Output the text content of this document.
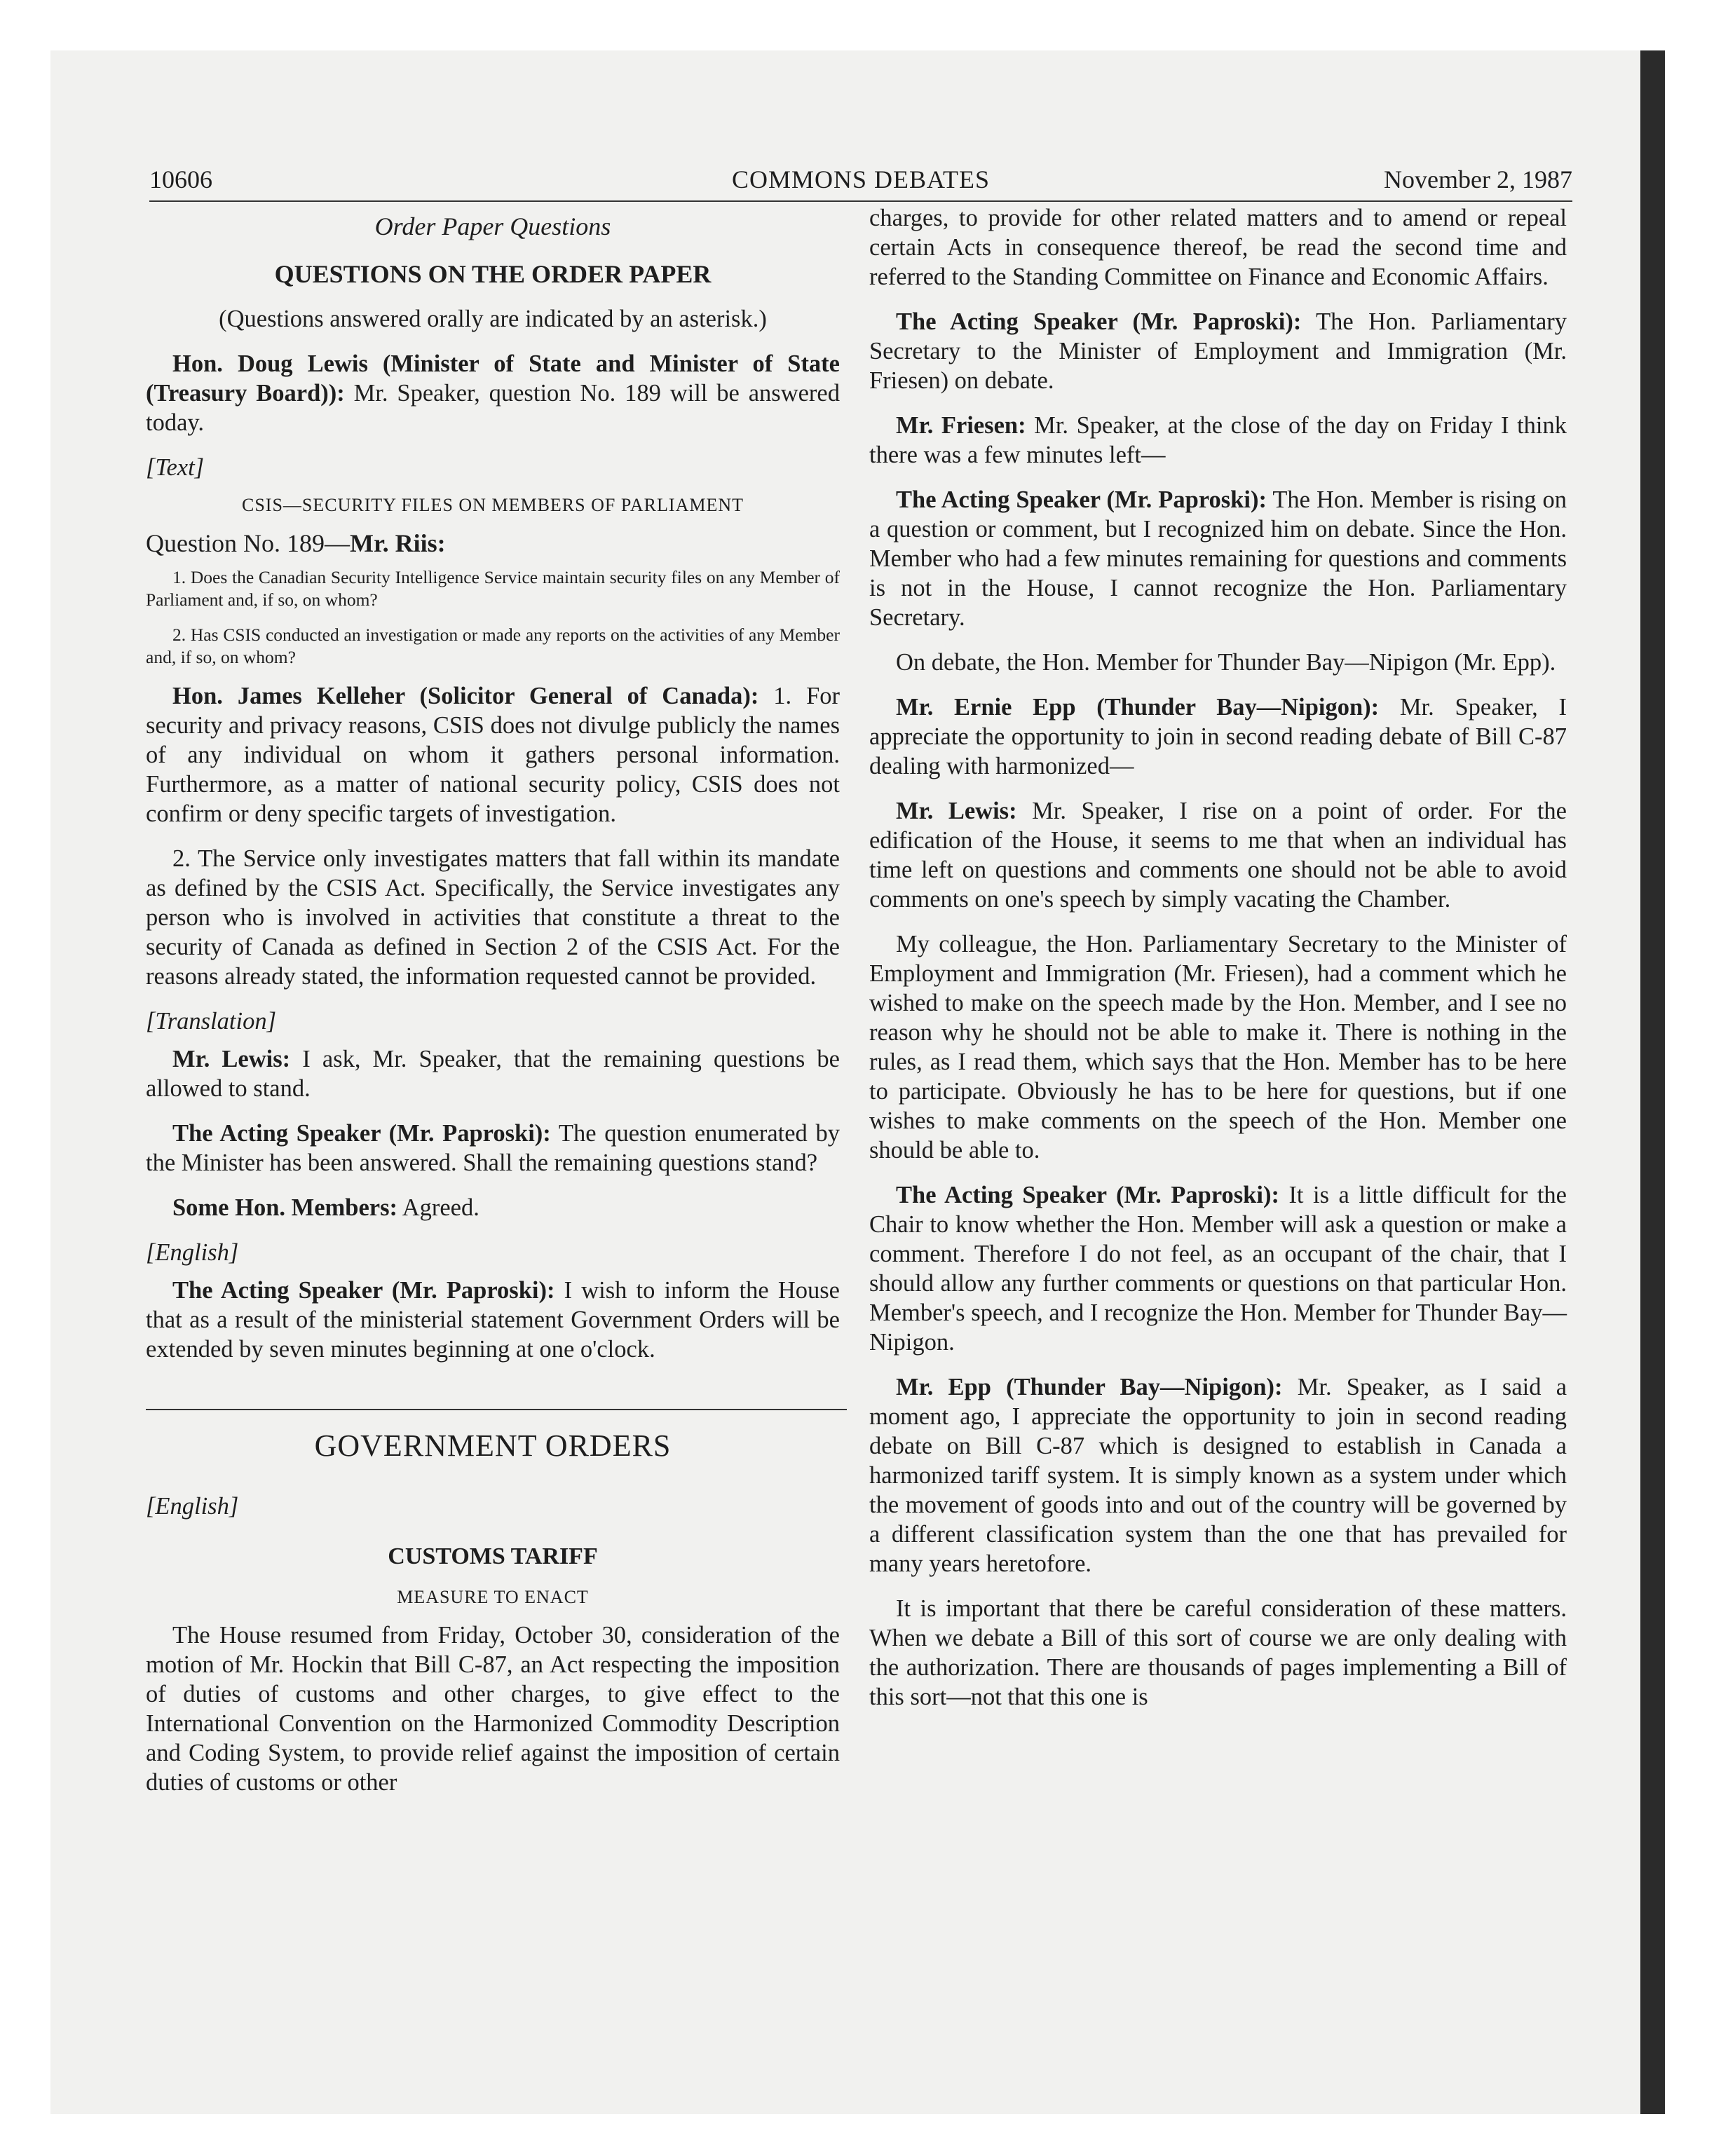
10606	COMMONS DEBATES	November 2, 1987

Order Paper Questions

QUESTIONS ON THE ORDER PAPER

(Questions answered orally are indicated by an asterisk.)

Hon. Doug Lewis (Minister of State and Minister of State (Treasury Board)): Mr. Speaker, question No. 189 will be answered today.

[Text]

CSIS—SECURITY FILES ON MEMBERS OF PARLIAMENT

Question No. 189—Mr. Riis:

1. Does the Canadian Security Intelligence Service maintain security files on any Member of Parliament and, if so, on whom?

2. Has CSIS conducted an investigation or made any reports on the activities of any Member and, if so, on whom?

Hon. James Kelleher (Solicitor General of Canada): 1. For security and privacy reasons, CSIS does not divulge publicly the names of any individual on whom it gathers personal information. Furthermore, as a matter of national security policy, CSIS does not confirm or deny specific targets of investigation.

2. The Service only investigates matters that fall within its mandate as defined by the CSIS Act. Specifically, the Service investigates any person who is involved in activities that constitute a threat to the security of Canada as defined in Section 2 of the CSIS Act. For the reasons already stated, the information requested cannot be provided.

[Translation]

Mr. Lewis: I ask, Mr. Speaker, that the remaining questions be allowed to stand.

The Acting Speaker (Mr. Paproski): The question enumerated by the Minister has been answered. Shall the remaining questions stand?

Some Hon. Members: Agreed.

[English]

The Acting Speaker (Mr. Paproski): I wish to inform the House that as a result of the ministerial statement Government Orders will be extended by seven minutes beginning at one o'clock.

GOVERNMENT ORDERS

[English]

CUSTOMS TARIFF

MEASURE TO ENACT

The House resumed from Friday, October 30, consideration of the motion of Mr. Hockin that Bill C-87, an Act respecting the imposition of duties of customs and other charges, to give effect to the International Convention on the Harmonized Commodity Description and Coding System, to provide relief against the imposition of certain duties of customs or other

charges, to provide for other related matters and to amend or repeal certain Acts in consequence thereof, be read the second time and referred to the Standing Committee on Finance and Economic Affairs.

The Acting Speaker (Mr. Paproski): The Hon. Parliamentary Secretary to the Minister of Employment and Immigration (Mr. Friesen) on debate.

Mr. Friesen: Mr. Speaker, at the close of the day on Friday I think there was a few minutes left—

The Acting Speaker (Mr. Paproski): The Hon. Member is rising on a question or comment, but I recognized him on debate. Since the Hon. Member who had a few minutes remaining for questions and comments is not in the House, I cannot recognize the Hon. Parliamentary Secretary.

On debate, the Hon. Member for Thunder Bay—Nipigon (Mr. Epp).

Mr. Ernie Epp (Thunder Bay—Nipigon): Mr. Speaker, I appreciate the opportunity to join in second reading debate of Bill C-87 dealing with harmonized—

Mr. Lewis: Mr. Speaker, I rise on a point of order. For the edification of the House, it seems to me that when an individual has time left on questions and comments one should not be able to avoid comments on one's speech by simply vacating the Chamber.

My colleague, the Hon. Parliamentary Secretary to the Minister of Employment and Immigration (Mr. Friesen), had a comment which he wished to make on the speech made by the Hon. Member, and I see no reason why he should not be able to make it. There is nothing in the rules, as I read them, which says that the Hon. Member has to be here to participate. Obviously he has to be here for questions, but if one wishes to make comments on the speech of the Hon. Member one should be able to.

The Acting Speaker (Mr. Paproski): It is a little difficult for the Chair to know whether the Hon. Member will ask a question or make a comment. Therefore I do not feel, as an occupant of the chair, that I should allow any further comments or questions on that particular Hon. Member's speech, and I recognize the Hon. Member for Thunder Bay—Nipigon.

Mr. Epp (Thunder Bay—Nipigon): Mr. Speaker, as I said a moment ago, I appreciate the opportunity to join in second reading debate on Bill C-87 which is designed to establish in Canada a harmonized tariff system. It is simply known as a system under which the movement of goods into and out of the country will be governed by a different classification system than the one that has prevailed for many years heretofore.

It is important that there be careful consideration of these matters. When we debate a Bill of this sort of course we are only dealing with the authorization. There are thousands of pages implementing a Bill of this sort—not that this one is
